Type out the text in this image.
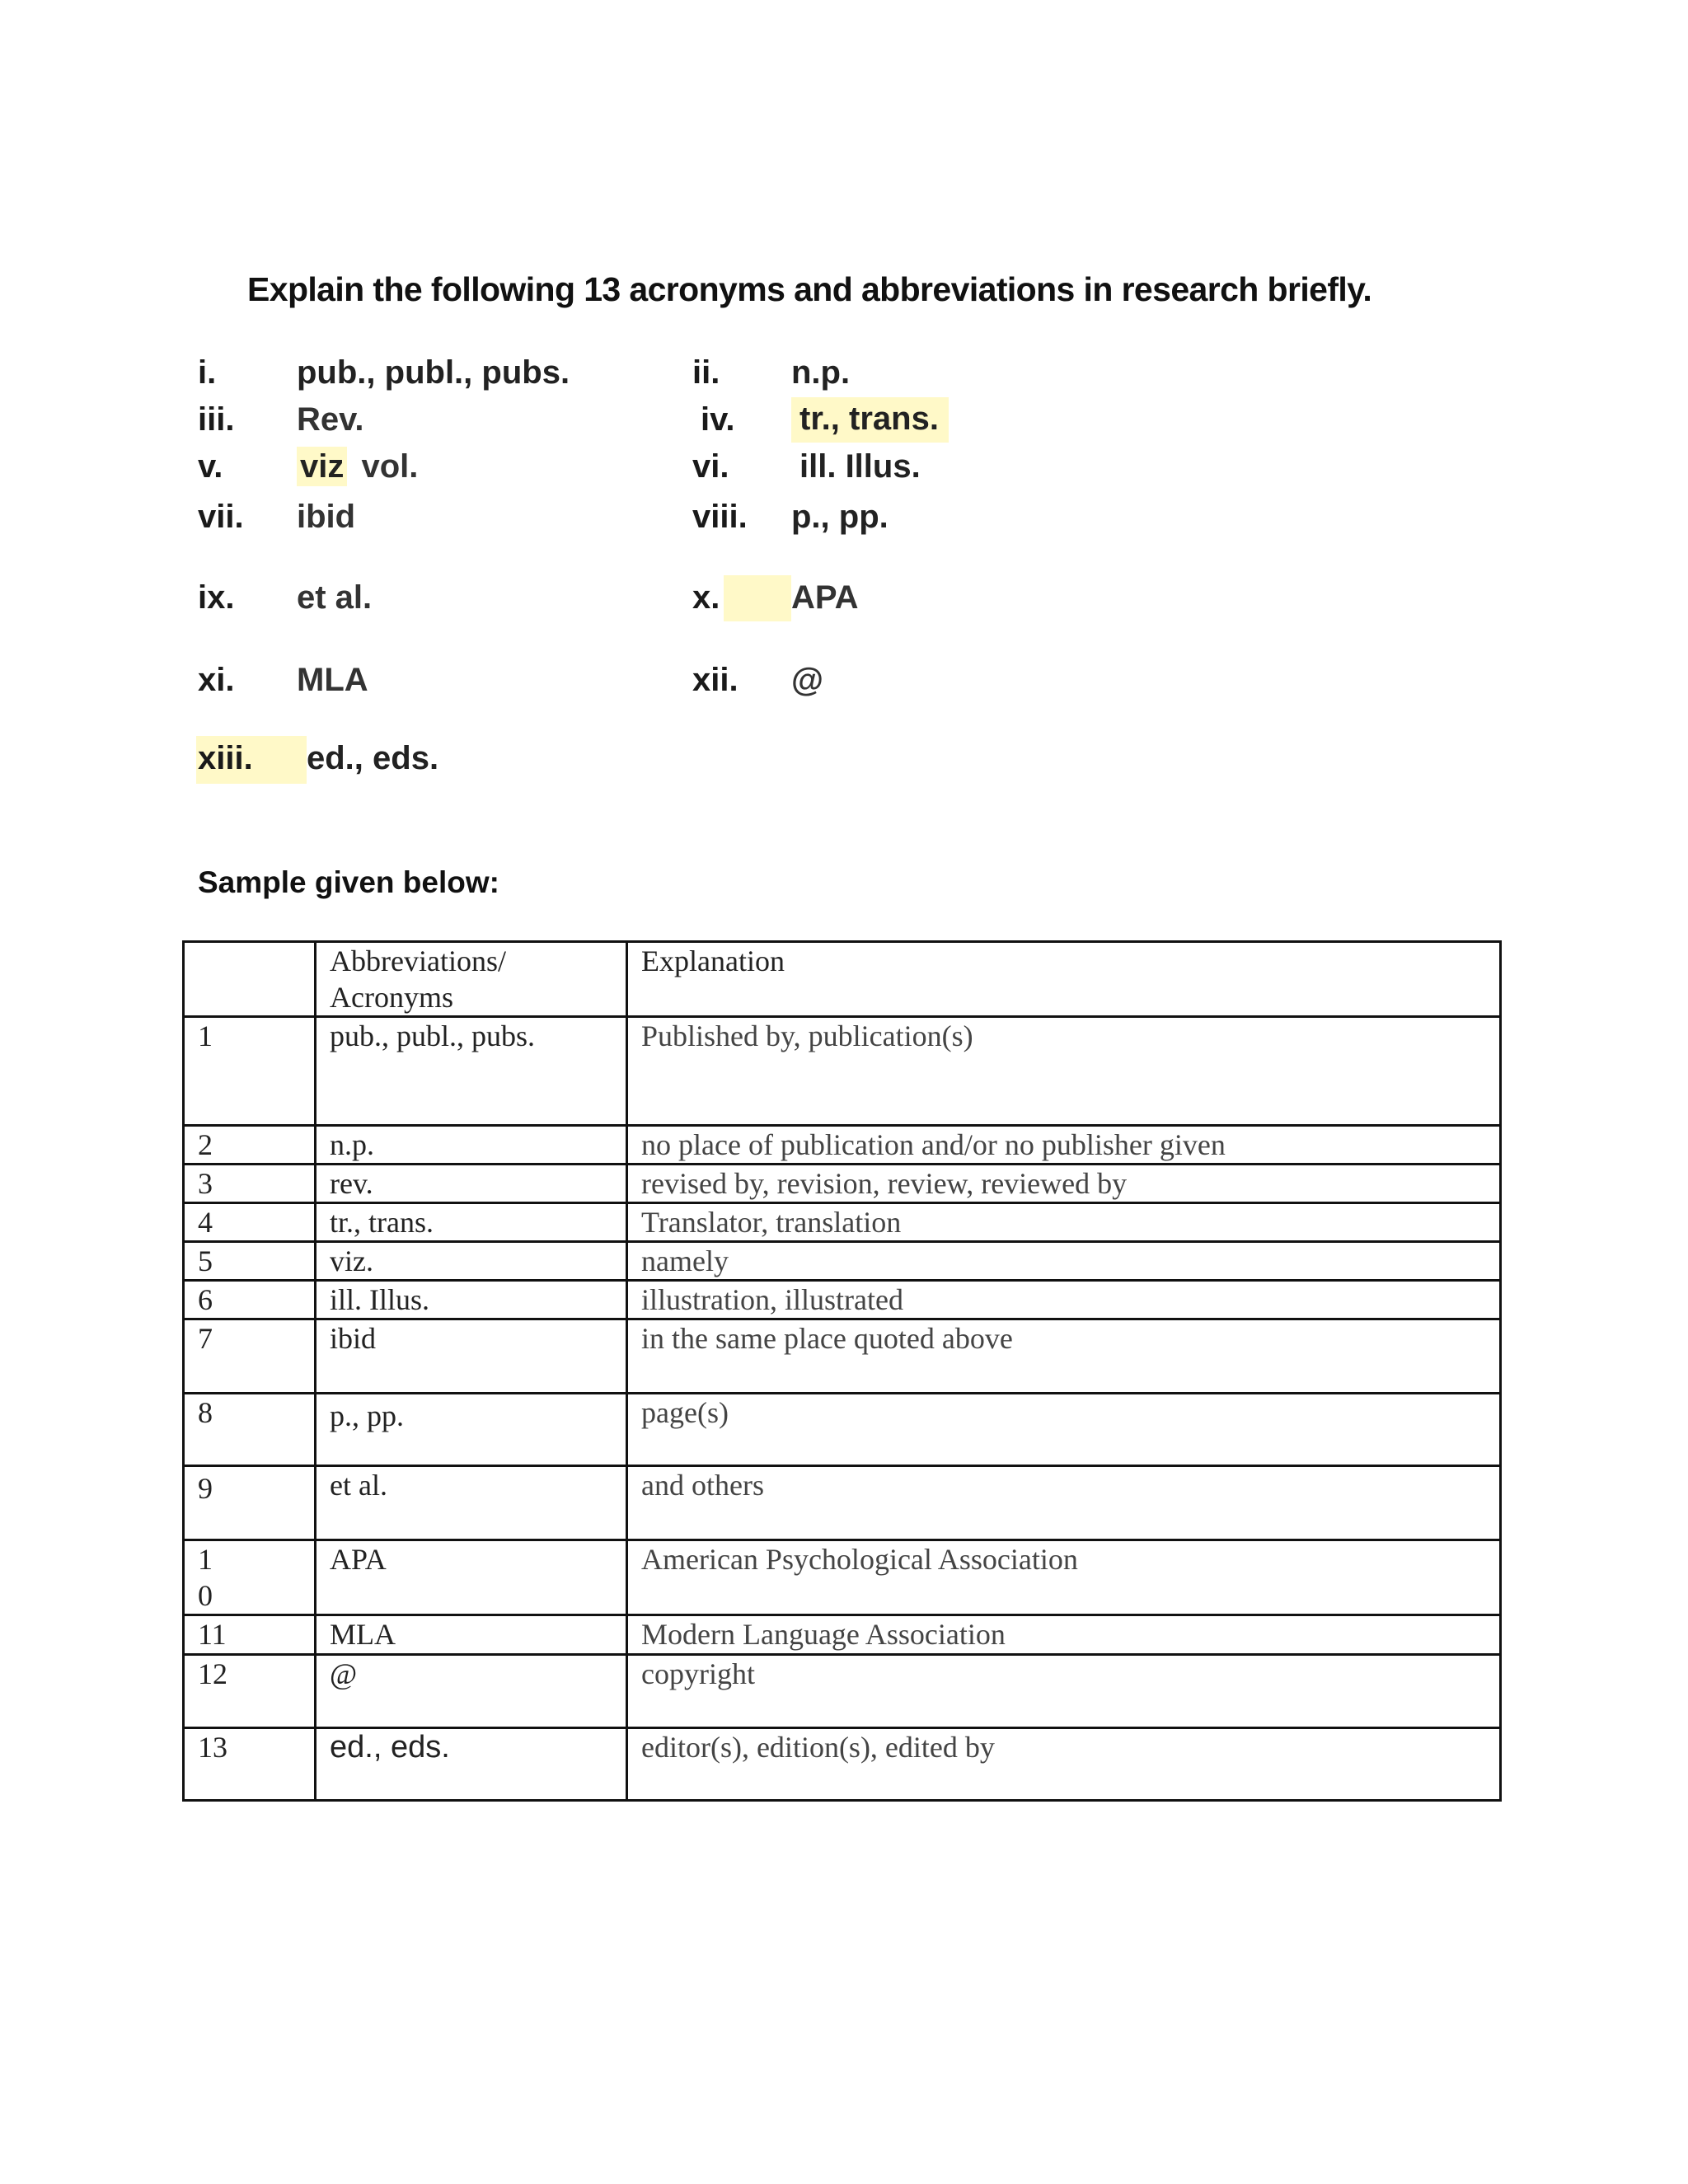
Explain the following 13 acronyms and abbreviations in research briefly.
i. pub., publ., pubs.	ii. n.p.
iii. Rev.	iv. tr., trans.
v. viz vol.	vi. ill. Illus.
vii. ibid	viii. p., pp.
ix. et al.	x. APA
xi. MLA	xii. @
xiii. ed., eds.
Sample given below:
	Abbreviations/ Acronyms	Explanation
1	pub., publ., pubs.	Published by, publication(s)
2	n.p.	no place of publication and/or no publisher given
3	rev.	revised by, revision, review, reviewed by
4	tr., trans.	Translator, translation
5	viz.	namely
6	ill. Illus.	illustration, illustrated
7	ibid	in the same place quoted above
8	p., pp.	page(s)
9	et al.	and others
1 0	APA	American Psychological Association
11	MLA	Modern Language Association
12	@	copyright
13	ed., eds.	editor(s), edition(s), edited by
